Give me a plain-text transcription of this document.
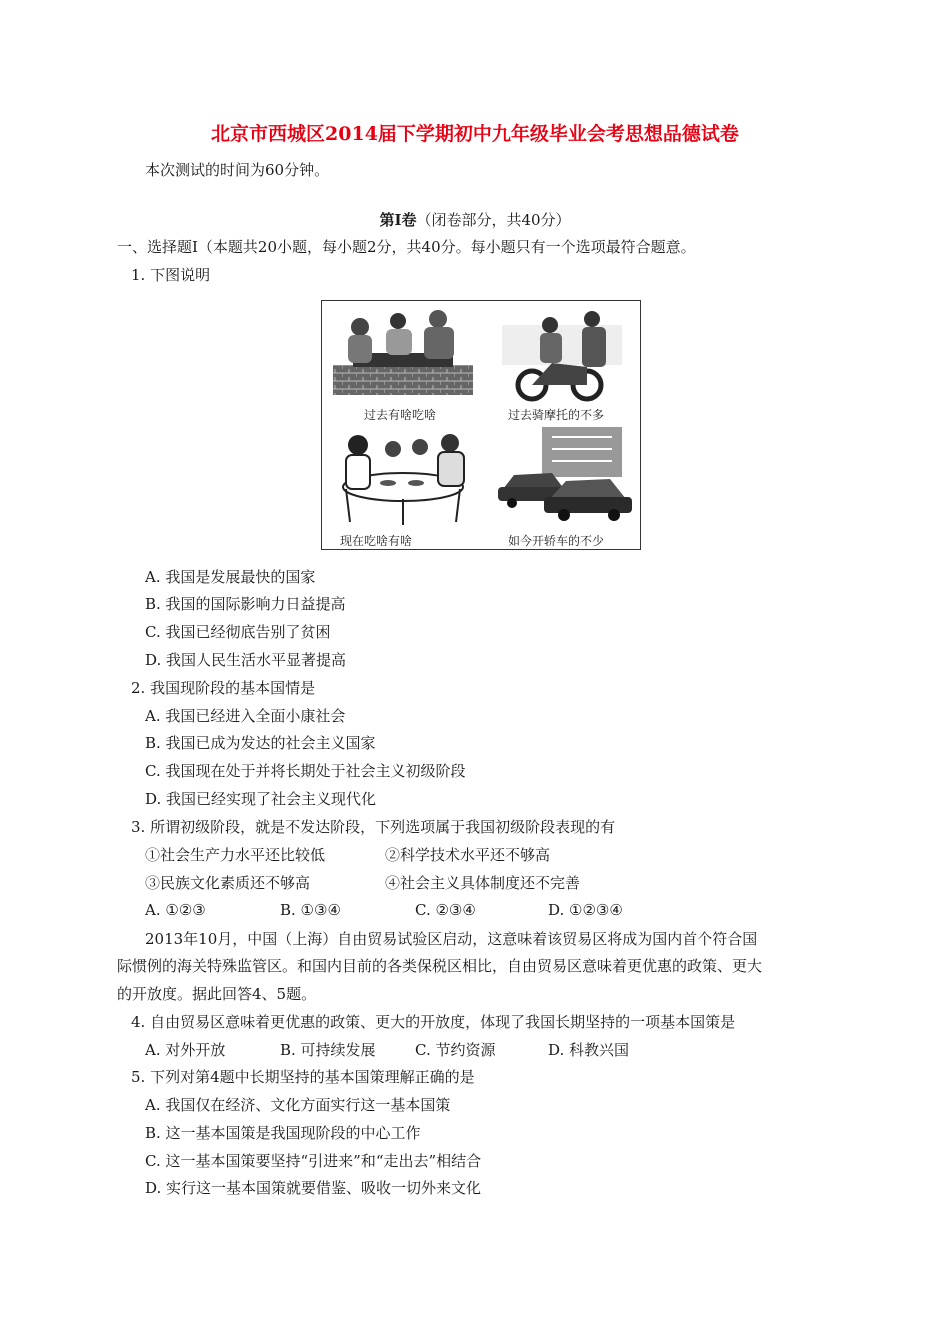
北京市西城区2014届下学期初中九年级毕业会考思想品德试卷
本次测试的时间为60分钟。
第Ⅰ卷（闭卷部分，共40分）
一、选择题Ⅰ（本题共20小题，每小题2分，共40分。每小题只有一个选项最符合题意。
1. 下图说明
过去有啥吃啥	过去骑摩托的不多
现在吃啥有啥	如今开轿车的不少
A. 我国是发展最快的国家
B. 我国的国际影响力日益提高
C. 我国已经彻底告别了贫困
D. 我国人民生活水平显著提高
2. 我国现阶段的基本国情是
A. 我国已经进入全面小康社会
B. 我国已成为发达的社会主义国家
C. 我国现在处于并将长期处于社会主义初级阶段
D. 我国已经实现了社会主义现代化
3. 所谓初级阶段，就是不发达阶段，下列选项属于我国初级阶段表现的有
①社会生产力水平还比较低	②科学技术水平还不够高
③民族文化素质还不够高	④社会主义具体制度还不完善
A. ①②③	B. ①③④	C. ②③④	D. ①②③④
2013年10月，中国（上海）自由贸易试验区启动，这意味着该贸易区将成为国内首个符合国
际惯例的海关特殊监管区。和国内目前的各类保税区相比，自由贸易区意味着更优惠的政策、更大
的开放度。据此回答4、5题。
4. 自由贸易区意味着更优惠的政策、更大的开放度，体现了我国长期坚持的一项基本国策是
A. 对外开放	B. 可持续发展	C. 节约资源	D. 科教兴国
5. 下列对第4题中长期坚持的基本国策理解正确的是
A. 我国仅在经济、文化方面实行这一基本国策
B. 这一基本国策是我国现阶段的中心工作
C. 这一基本国策要坚持“引进来”和“走出去”相结合
D. 实行这一基本国策就要借鉴、吸收一切外来文化
